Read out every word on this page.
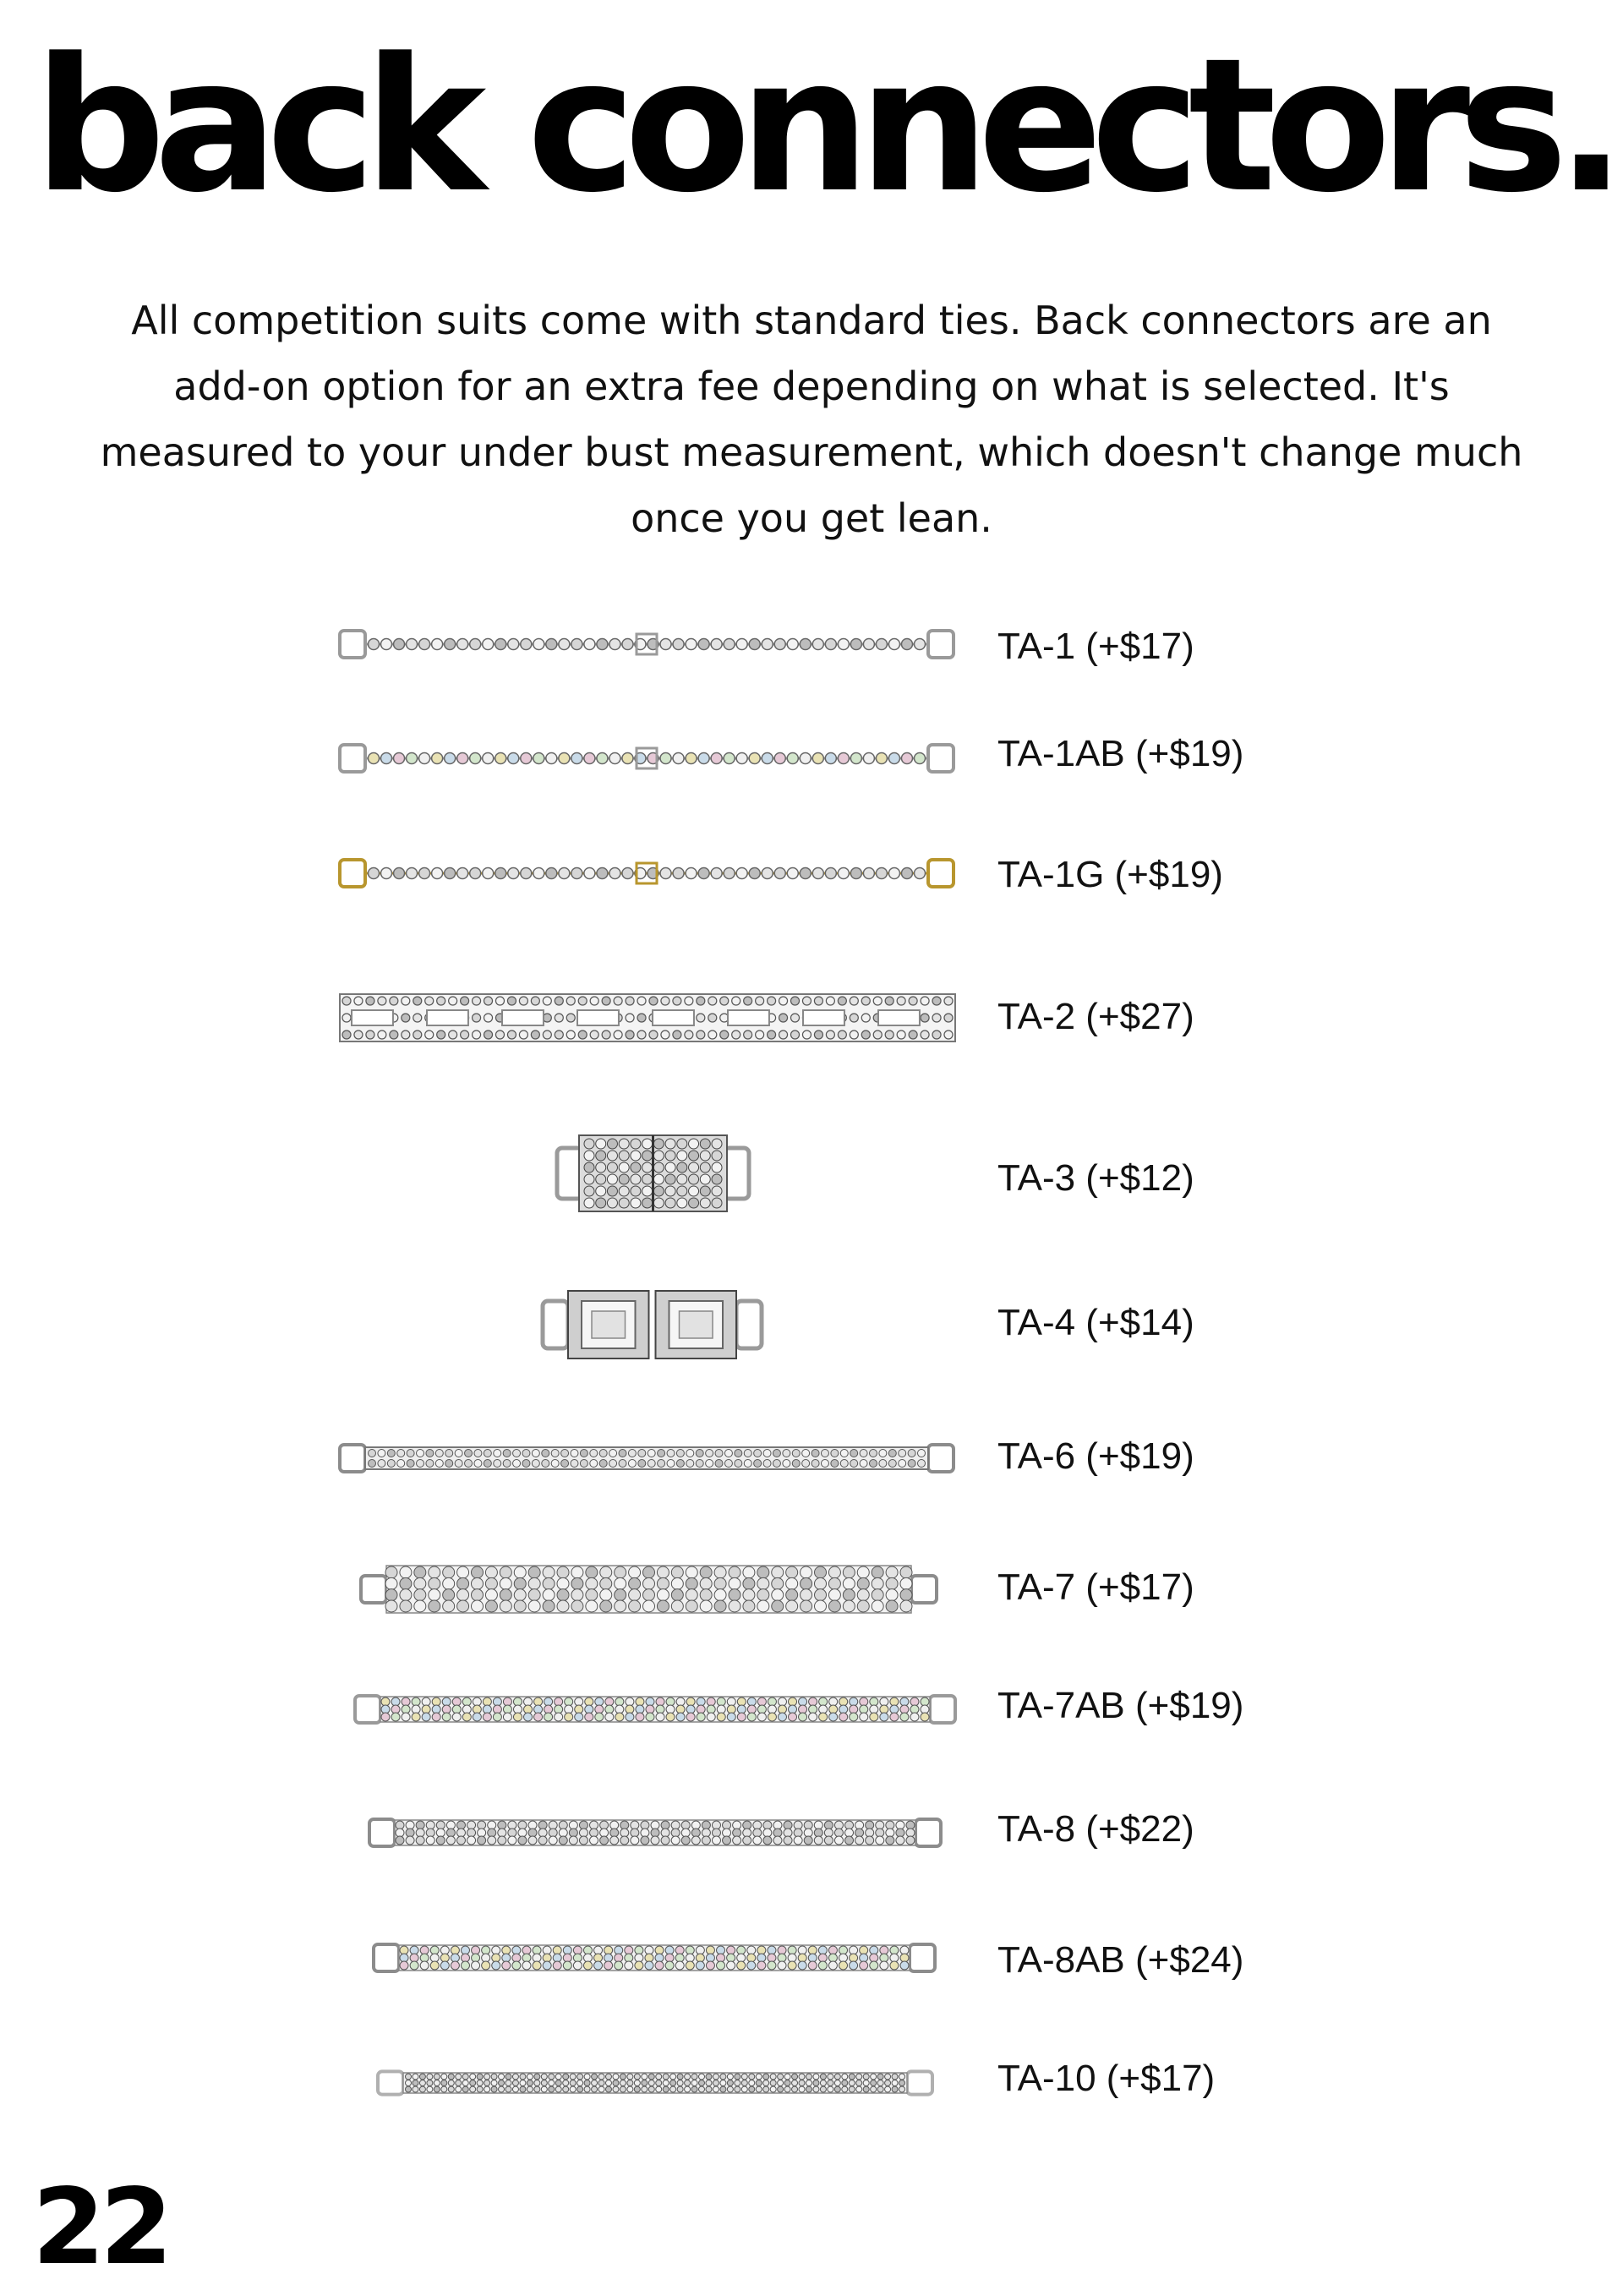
back connectors.

All competition suits come with standard ties. Back connectors are an add-on option for an extra fee depending on what is selected. It's measured to your under bust measurement, which doesn't change much once you get lean.

TA-1 (+$17)
TA-1AB (+$19)
TA-1G (+$19)
TA-2 (+$27)
TA-3 (+$12)
TA-4 (+$14)
TA-6 (+$19)
TA-7 (+$17)
TA-7AB (+$19)
TA-8 (+$22)
TA-8AB (+$24)
TA-10 (+$17)
22
